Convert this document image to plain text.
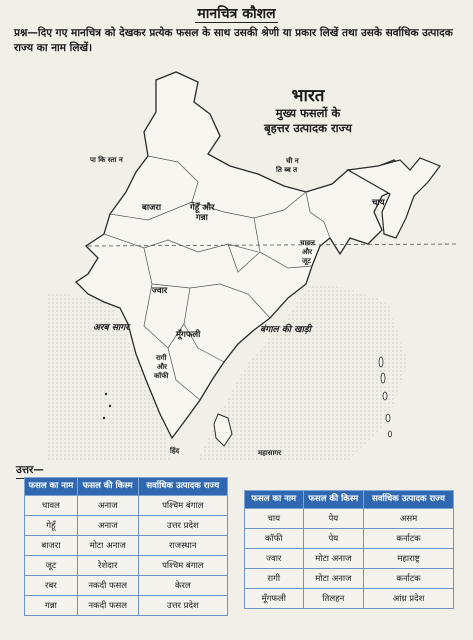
मानचित्र कौशल
प्रश्न—दिए गए मानचित्र को देखकर प्रत्येक फसल के साथ उसकी श्रेणी या प्रकार लिखें तथा उसके सर्वाधिक उत्पादक राज्य का नाम लिखें।
भारत
मुख्य फसलों के
बृहत्तर उत्पादक राज्य
पा कि स्ता न	ची न
ति ब्ब त
बाजरा	गेहूँ और
गन्ना
चाय
चावल
और
जूट
ज्वार
मूँगफली
रागी
और
कॉफी
अरब सागर	बंगाल की खाड़ी
हिंद	महासागर
उत्तर—
फसल का नाम	फसल की किस्म	सर्वाधिक उत्पादक राज्य
चावल	अनाज	पश्चिम बंगाल
गेहूँ	अनाज	उत्तर प्रदेश
बाजरा	मोटा अनाज	राजस्थान
जूट	रेशेदार	पश्चिम बंगाल
रबर	नकदी फसल	केरल
गन्ना	नकदी फसल	उत्तर प्रदेश
फसल का नाम	फसल की किस्म	सर्वाधिक उत्पादक राज्य
चाय	पेय	असम
कॉफी	पेय	कर्नाटक
ज्वार	मोटा अनाज	महाराष्ट्र
रागी	मोटा अनाज	कर्नाटक
मूँगफली	तिलहन	आंध्र प्रदेश
